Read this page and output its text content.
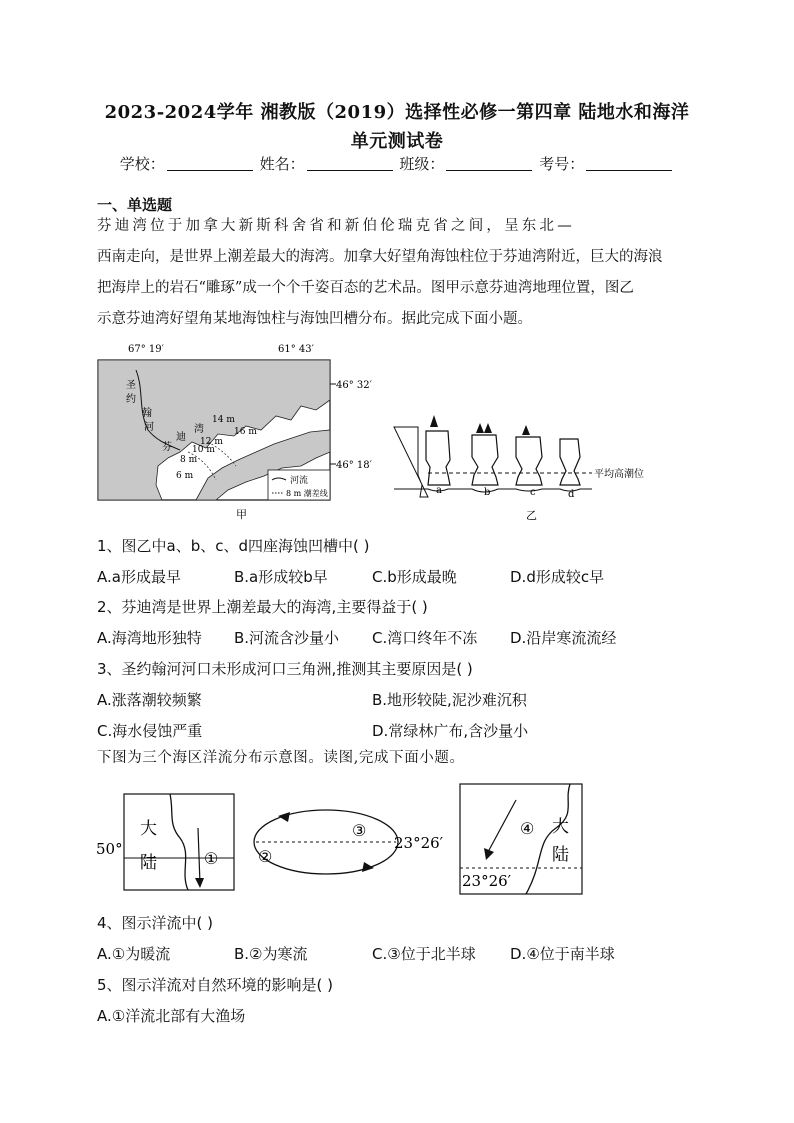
2023-2024学年 湘教版（2019）选择性必修一第四章 陆地水和海洋
单元测试卷
学校：	姓名：	班级：	考号：
一、单选题
芬迪湾位于加拿大新斯科舍省和新伯伦瑞克省之间，呈东北—
西南走向，是世界上潮差最大的海湾。加拿大好望角海蚀柱位于芬迪湾附近，巨大的海浪
把海岸上的岩石“雕琢”成一个个千姿百态的艺术品。图甲示意芬迪湾地理位置，图乙
示意芬迪湾好望角某地海蚀柱与海蚀凹槽分布。据此完成下面小题。
67° 19′	61° 43′
圣
约
翰
河
芬
迪
湾
14 m
16 m
12 m
10 m
8 m
6 m	河流
8 m 潮差线
46° 32′
46° 18′
甲
平均高潮位
a	b	c	d
乙
1、图乙中a、b、c、d四座海蚀凹槽中( )
A.a形成最早	B.a形成较b早	C.b形成最晚	D.d形成较c早
2、芬迪湾是世界上潮差最大的海湾,主要得益于( )
A.海湾地形独特 B.河流含沙量小 C.湾口终年不冻 D.沿岸寒流流经
3、圣约翰河河口未形成河口三角洲,推测其主要原因是( )
A.涨落潮较频繁	B.地形较陡,泥沙难沉积
C.海水侵蚀严重	D.常绿林广布,含沙量小
下图为三个海区洋流分布示意图。读图,完成下面小题。
大
陆	①
50°	②
③
23°26′
④ 大
陆
23°26′
4、图示洋流中( )
A.①为暖流	B.②为寒流	C.③位于北半球 D.④位于南半球
5、图示洋流对自然环境的影响是( )
A.①洋流北部有大渔场
